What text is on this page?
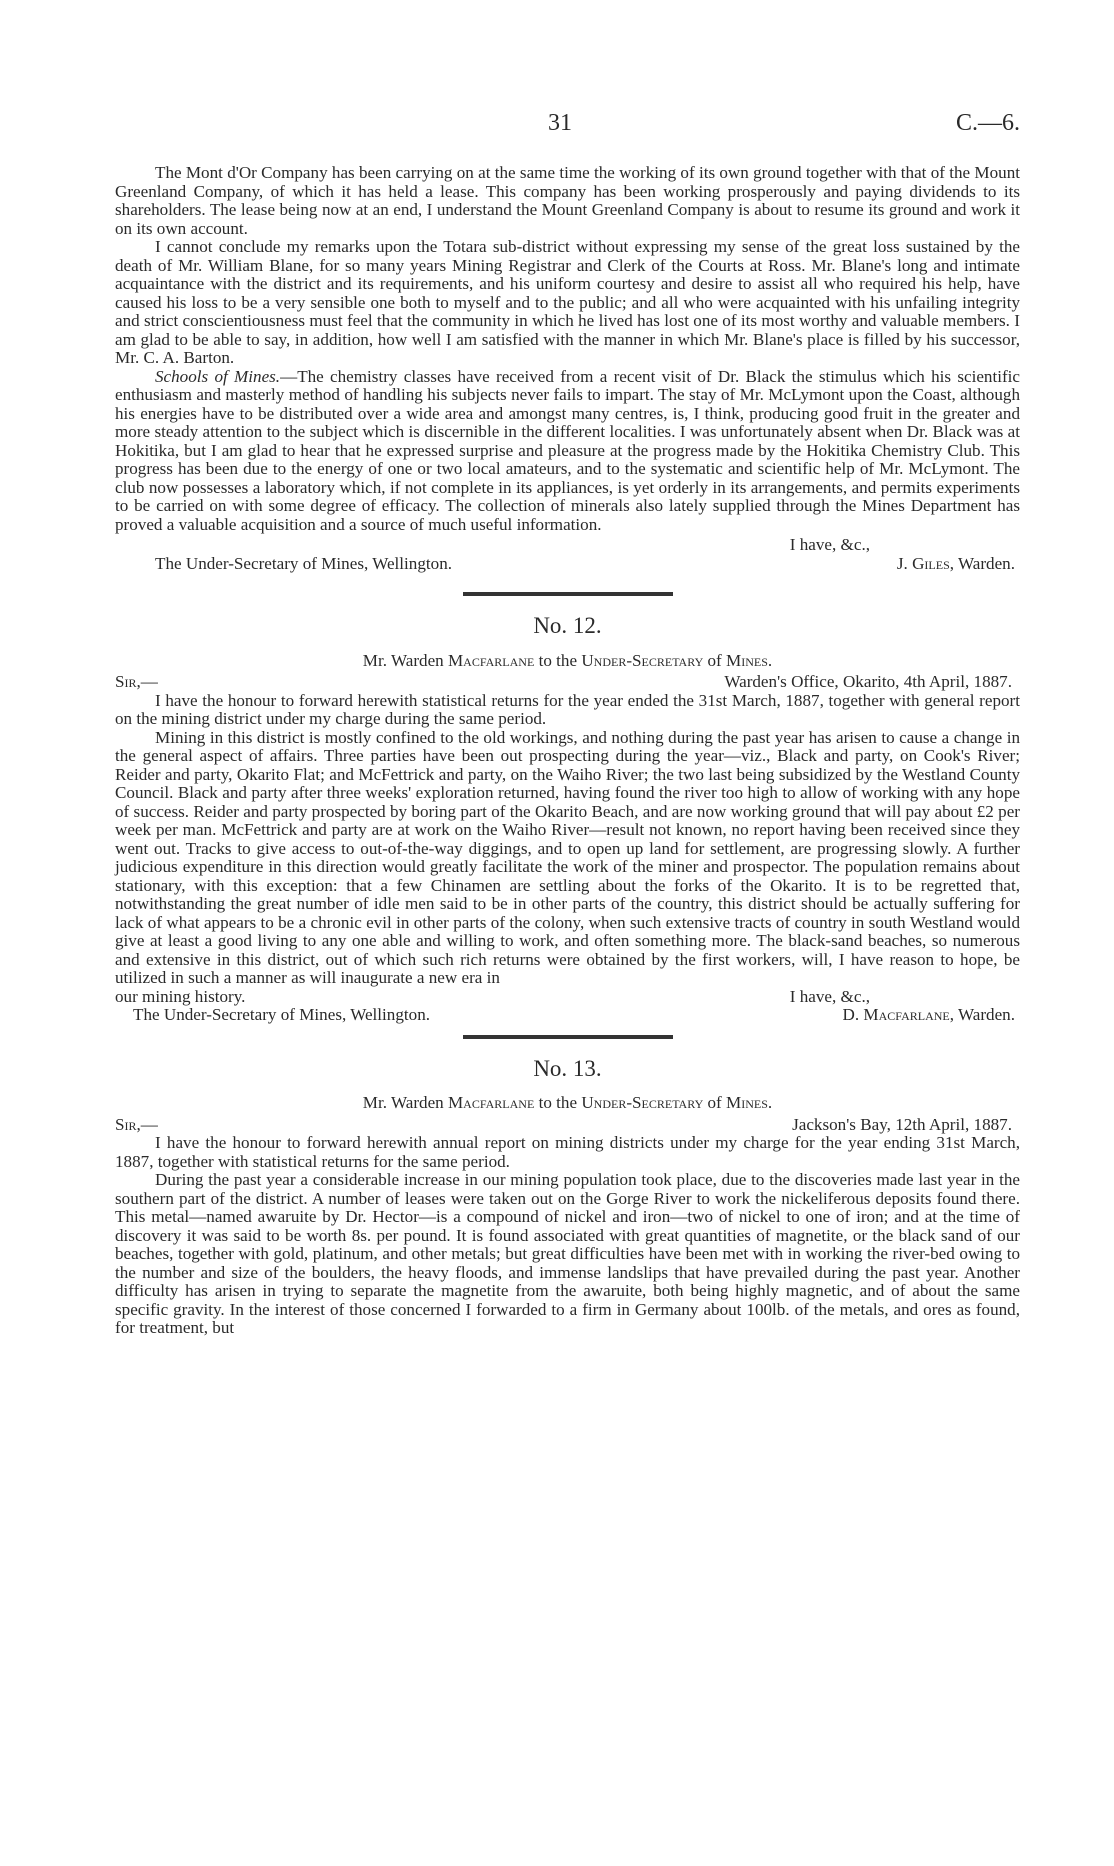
31	C.—6.

The Mont d'Or Company has been carrying on at the same time the working of its own ground together with that of the Mount Greenland Company, of which it has held a lease. This company has been working prosperously and paying dividends to its shareholders. The lease being now at an end, I understand the Mount Greenland Company is about to resume its ground and work it on its own account.

I cannot conclude my remarks upon the Totara sub-district without expressing my sense of the great loss sustained by the death of Mr. William Blane, for so many years Mining Registrar and Clerk of the Courts at Ross. Mr. Blane's long and intimate acquaintance with the district and its requirements, and his uniform courtesy and desire to assist all who required his help, have caused his loss to be a very sensible one both to myself and to the public; and all who were acquainted with his unfailing integrity and strict conscientiousness must feel that the community in which he lived has lost one of its most worthy and valuable members. I am glad to be able to say, in addition, how well I am satisfied with the manner in which Mr. Blane's place is filled by his successor, Mr. C. A. Barton.

Schools of Mines.—The chemistry classes have received from a recent visit of Dr. Black the stimulus which his scientific enthusiasm and masterly method of handling his subjects never fails to impart. The stay of Mr. McLymont upon the Coast, although his energies have to be distributed over a wide area and amongst many centres, is, I think, producing good fruit in the greater and more steady attention to the subject which is discernible in the different localities. I was unfortunately absent when Dr. Black was at Hokitika, but I am glad to hear that he expressed surprise and pleasure at the progress made by the Hokitika Chemistry Club. This progress has been due to the energy of one or two local amateurs, and to the systematic and scientific help of Mr. McLymont. The club now possesses a laboratory which, if not complete in its appliances, is yet orderly in its arrangements, and permits experiments to be carried on with some degree of efficacy. The collection of minerals also lately supplied through the Mines Department has proved a valuable acquisition and a source of much useful information.

I have, &c.,
The Under-Secretary of Mines, Wellington.	J. Giles, Warden.
No. 12.
Mr. Warden Macfarlane to the Under-Secretary of Mines.
Sir,—	Warden's Office, Okarito, 4th April, 1887.

I have the honour to forward herewith statistical returns for the year ended the 31st March, 1887, together with general report on the mining district under my charge during the same period.

Mining in this district is mostly confined to the old workings, and nothing during the past year has arisen to cause a change in the general aspect of affairs. Three parties have been out prospecting during the year—viz., Black and party, on Cook's River; Reider and party, Okarito Flat; and McFettrick and party, on the Waiho River; the two last being subsidized by the Westland County Council. Black and party after three weeks' exploration returned, having found the river too high to allow of working with any hope of success. Reider and party prospected by boring part of the Okarito Beach, and are now working ground that will pay about £2 per week per man. McFettrick and party are at work on the Waiho River—result not known, no report having been received since they went out. Tracks to give access to out-of-the-way diggings, and to open up land for settlement, are progressing slowly. A further judicious expenditure in this direction would greatly facilitate the work of the miner and prospector. The population remains about stationary, with this exception: that a few Chinamen are settling about the forks of the Okarito. It is to be regretted that, notwithstanding the great number of idle men said to be in other parts of the country, this district should be actually suffering for lack of what appears to be a chronic evil in other parts of the colony, when such extensive tracts of country in south Westland would give at least a good living to any one able and willing to work, and often something more. The black-sand beaches, so numerous and extensive in this district, out of which such rich returns were obtained by the first workers, will, I have reason to hope, be utilized in such a manner as will inaugurate a new era in

our mining history.	I have, &c.,
The Under-Secretary of Mines, Wellington.	D. Macfarlane, Warden.
No. 13.
Mr. Warden Macfarlane to the Under-Secretary of Mines.
Sir,—	Jackson's Bay, 12th April, 1887.

I have the honour to forward herewith annual report on mining districts under my charge for the year ending 31st March, 1887, together with statistical returns for the same period.

During the past year a considerable increase in our mining population took place, due to the discoveries made last year in the southern part of the district. A number of leases were taken out on the Gorge River to work the nickeliferous deposits found there. This metal—named awaruite by Dr. Hector—is a compound of nickel and iron—two of nickel to one of iron; and at the time of discovery it was said to be worth 8s. per pound. It is found associated with great quantities of magnetite, or the black sand of our beaches, together with gold, platinum, and other metals; but great difficulties have been met with in working the river-bed owing to the number and size of the boulders, the heavy floods, and immense landslips that have prevailed during the past year. Another difficulty has arisen in trying to separate the magnetite from the awaruite, both being highly magnetic, and of about the same specific gravity. In the interest of those concerned I forwarded to a firm in Germany about 100lb. of the metals, and ores as found, for treatment, but
